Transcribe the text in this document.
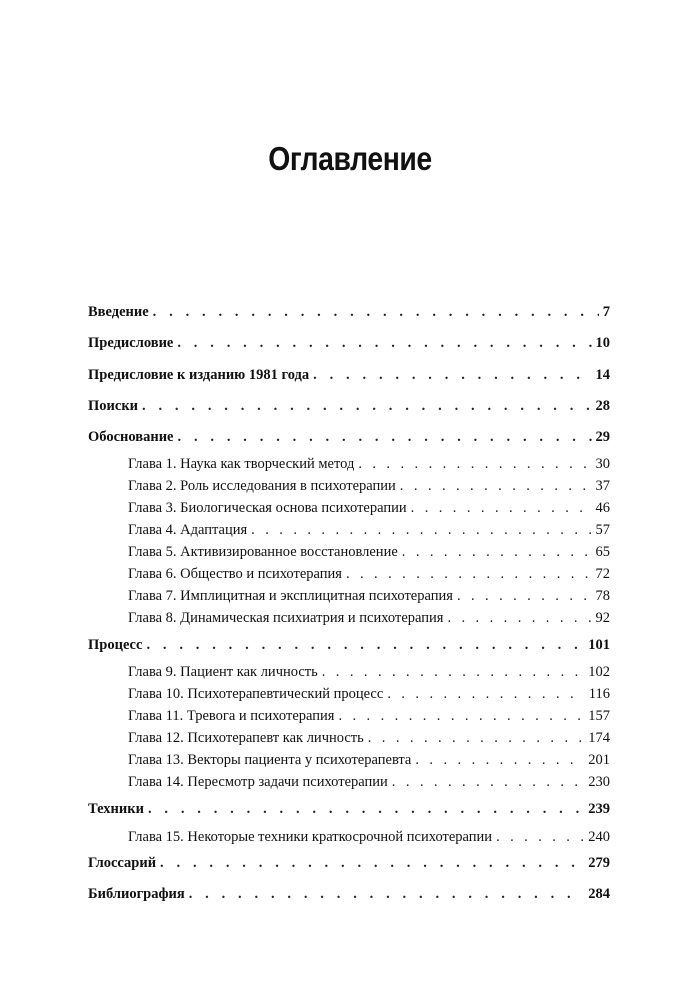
Оглавление
Введение . . .	7
Предисловие . . .	10
Предисловие к изданию 1981 года . . .	14
Поиски . . .	28
Обоснование . . .	29
Глава 1. Наука как творческий метод . . .	30
Глава 2. Роль исследования в психотерапии . . .	37
Глава 3. Биологическая основа психотерапии . . .	46
Глава 4. Адаптация . . .	57
Глава 5. Активизированное восстановление . . .	65
Глава 6. Общество и психотерапия . . .	72
Глава 7. Имплицитная и эксплицитная психотерапия . . .	78
Глава 8. Динамическая психиатрия и психотерапия . . .	92
Процесс . . .	101
Глава 9. Пациент как личность . . .	102
Глава 10. Психотерапевтический процесс . . .	116
Глава 11. Тревога и психотерапия . . .	157
Глава 12. Психотерапевт как личность . . .	174
Глава 13. Векторы пациента у психотерапевта . . .	201
Глава 14. Пересмотр задачи психотерапии . . .	230
Техники . . .	239
Глава 15. Некоторые техники краткосрочной психотерапии . . .	240
Глоссарий . . .	279
Библиография . . .	284
